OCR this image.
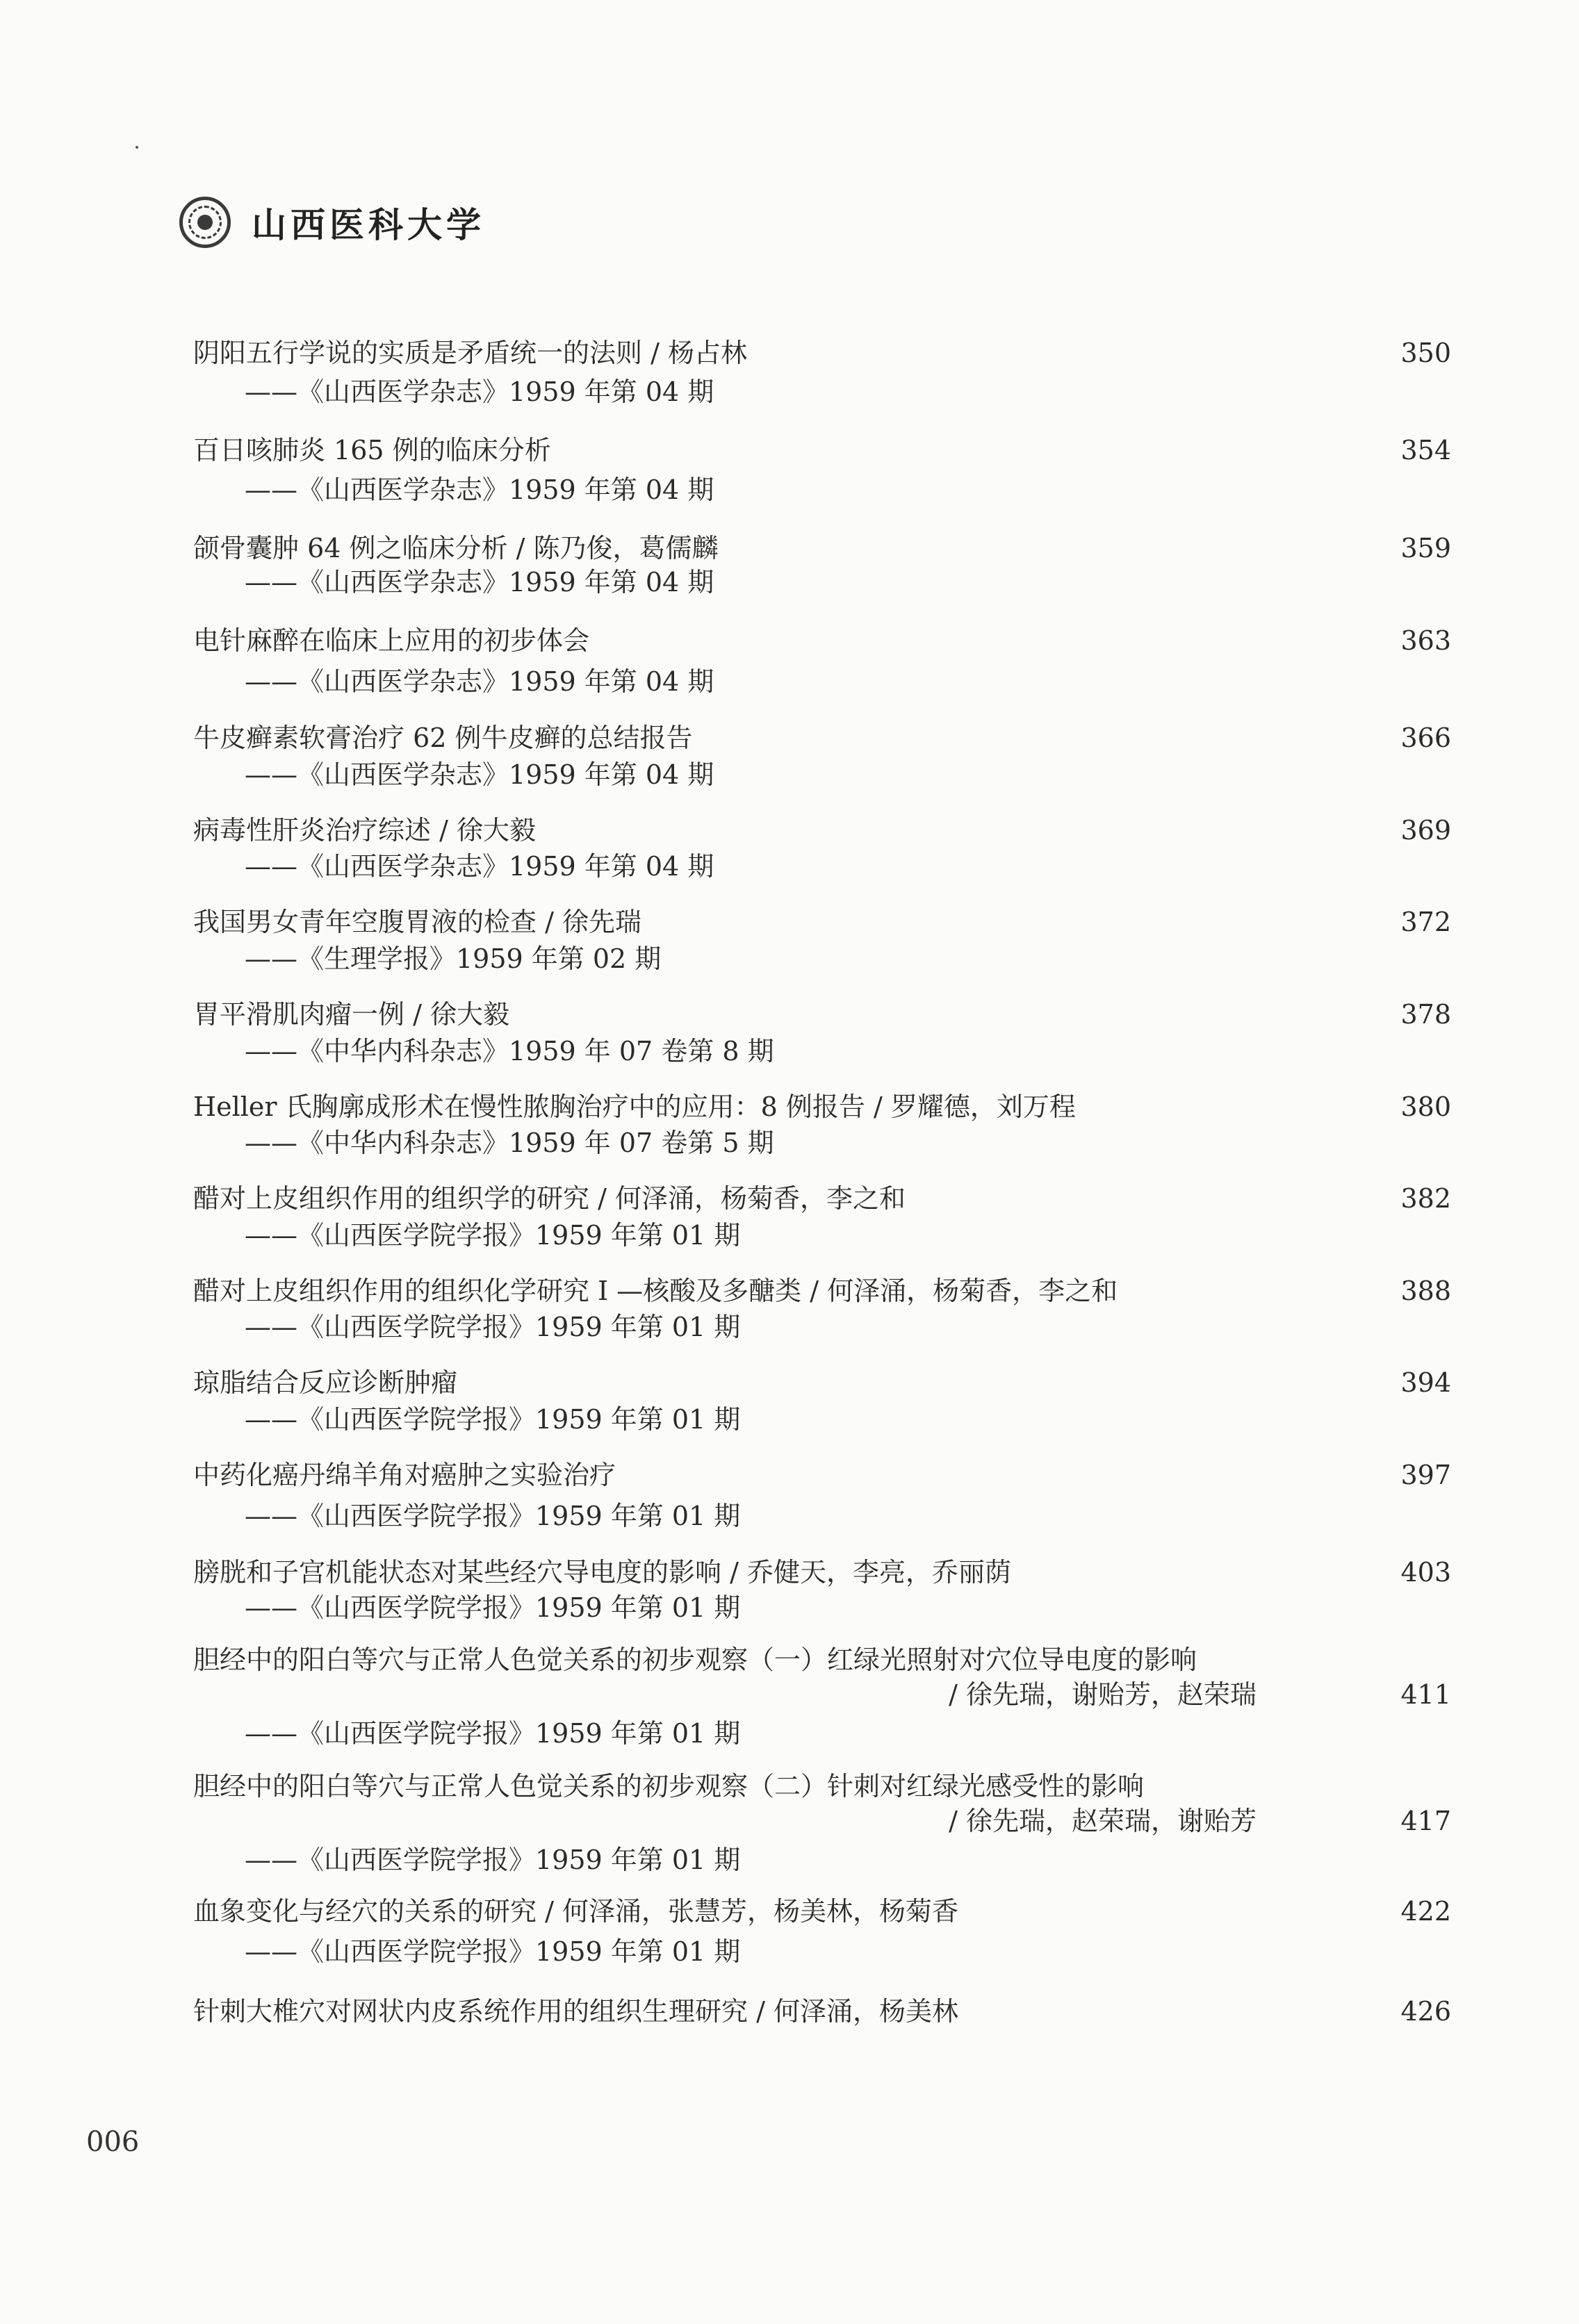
山西医科大学
阴阳五行学说的实质是矛盾统一的法则 / 杨占林	350
——《山西医学杂志》1959 年第 04 期
百日咳肺炎 165 例的临床分析	354
——《山西医学杂志》1959 年第 04 期
颌骨囊肿 64 例之临床分析 / 陈乃俊，葛儒麟	359
——《山西医学杂志》1959 年第 04 期
电针麻醉在临床上应用的初步体会	363
——《山西医学杂志》1959 年第 04 期
牛皮癣素软膏治疗 62 例牛皮癣的总结报告	366
——《山西医学杂志》1959 年第 04 期
病毒性肝炎治疗综述 / 徐大毅	369
——《山西医学杂志》1959 年第 04 期
我国男女青年空腹胃液的检查 / 徐先瑞	372
——《生理学报》1959 年第 02 期
胃平滑肌肉瘤一例 / 徐大毅	378
——《中华内科杂志》1959 年 07 卷第 8 期
Heller 氏胸廓成形术在慢性脓胸治疗中的应用：8 例报告 / 罗耀德，刘万程	380
——《中华内科杂志》1959 年 07 卷第 5 期
醋对上皮组织作用的组织学的研究 / 何泽涌，杨菊香，李之和	382
——《山西医学院学报》1959 年第 01 期
醋对上皮组织作用的组织化学研究 I —核酸及多醣类 / 何泽涌，杨菊香，李之和	388
——《山西医学院学报》1959 年第 01 期
琼脂结合反应诊断肿瘤	394
——《山西医学院学报》1959 年第 01 期
中药化癌丹绵羊角对癌肿之实验治疗	397
——《山西医学院学报》1959 年第 01 期
膀胱和子宫机能状态对某些经穴导电度的影响 / 乔健天，李亮，乔丽荫	403
——《山西医学院学报》1959 年第 01 期
胆经中的阳白等穴与正常人色觉关系的初步观察（一）红绿光照射对穴位导电度的影响
/ 徐先瑞，谢贻芳，赵荣瑞	411
——《山西医学院学报》1959 年第 01 期
胆经中的阳白等穴与正常人色觉关系的初步观察（二）针刺对红绿光感受性的影响
/ 徐先瑞，赵荣瑞，谢贻芳	417
——《山西医学院学报》1959 年第 01 期
血象变化与经穴的关系的研究 / 何泽涌，张慧芳，杨美林，杨菊香	422
——《山西医学院学报》1959 年第 01 期
针刺大椎穴对网状内皮系统作用的组织生理研究 / 何泽涌，杨美林	426
006
